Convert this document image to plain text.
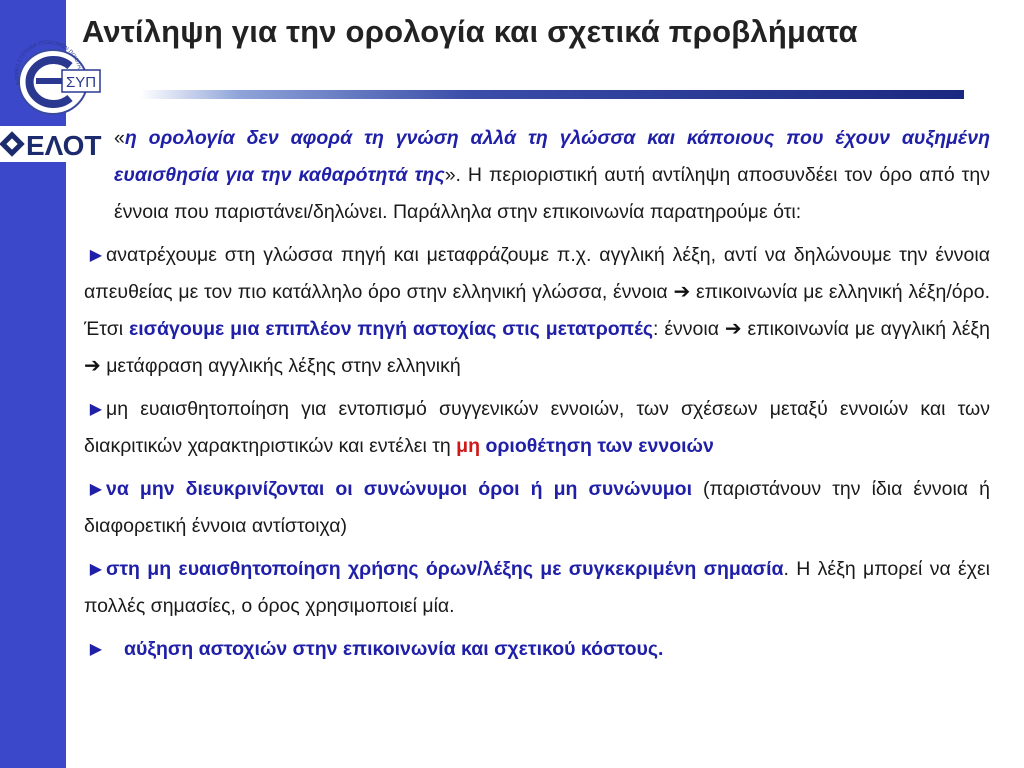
ΕΘΝΙΚΟ ΣΥΣΤΗΜΑ ΥΠΟΔΟΜΩΝ ΠΟΙΟΤΗ
ΣΥΠ
ΕΛΟΤ
Αντίληψη για την ορολογία και σχετικά προβλήματα

«η ορολογία δεν αφορά τη γνώση αλλά τη γλώσσα και κάποιους που έχουν αυξημένη ευαισθησία για την καθαρότητά της». Η περιοριστική αυτή αντίληψη αποσυνδέει τον όρο από την έννοια που παριστάνει/δηλώνει. Παράλληλα στην επικοινωνία παρατηρούμε ότι:

▶ ανατρέχουμε στη γλώσσα πηγή και μεταφράζουμε π.χ. αγγλική λέξη, αντί να δηλώνουμε την έννοια απευθείας με τον πιο κατάλληλο όρο στην ελληνική γλώσσα, έννοια ➔ επικοινωνία με ελληνική λέξη/όρο. Έτσι εισάγουμε μια επιπλέον πηγή αστοχίας στις μετατροπές: έννοια ➔ επικοινωνία με αγγλική λέξη ➔ μετάφραση αγγλικής λέξης στην ελληνική

▶ μη ευαισθητοποίηση για εντοπισμό συγγενικών εννοιών, των σχέσεων μεταξύ εννοιών και των διακριτικών χαρακτηριστικών και εντέλει τη μη οριοθέτηση των εννοιών

▶ να μην διευκρινίζονται οι συνώνυμοι όροι ή μη συνώνυμοι (παριστάνουν την ίδια έννοια ή διαφορετική έννοια αντίστοιχα)

▶ στη μη ευαισθητοποίηση χρήσης όρων/λέξης με συγκεκριμένη σημασία. Η λέξη μπορεί να έχει πολλές σημασίες, ο όρος χρησιμοποιεί μία.

▶ αύξηση αστοχιών στην επικοινωνία και σχετικού κόστους.
